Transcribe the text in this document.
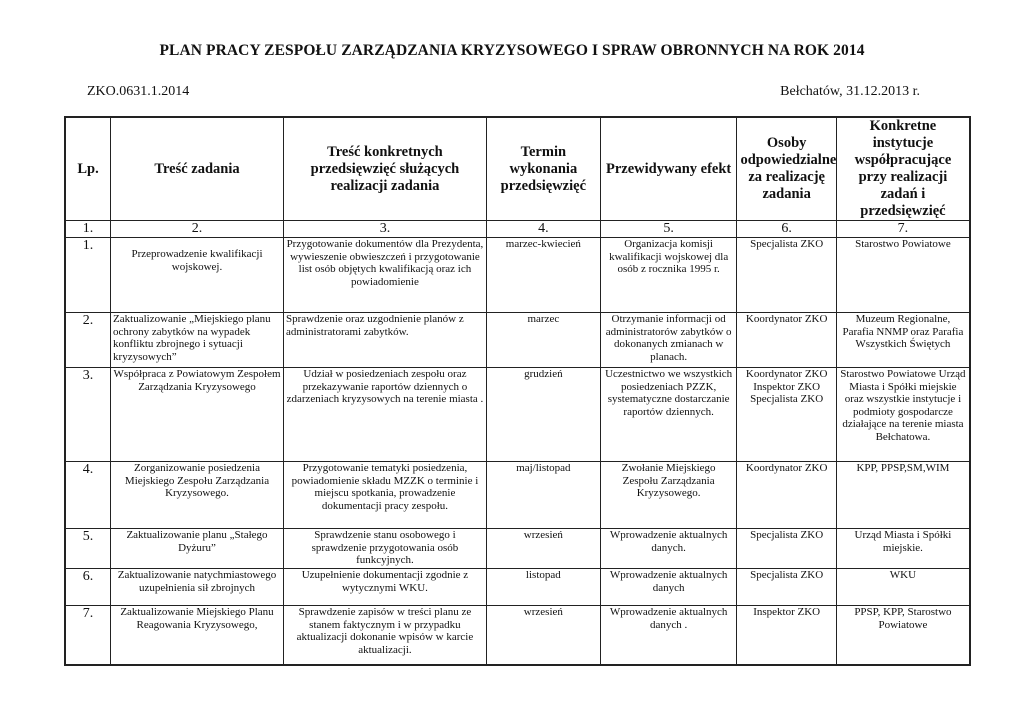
PLAN PRACY ZESPOŁU ZARZĄDZANIA KRYZYSOWEGO I SPRAW OBRONNYCH NA ROK 2014
ZKO.0631.1.2014	Bełchatów, 31.12.2013 r.
Lp.	Treść zadania	Treść konkretnych przedsięwzięć służących realizacji zadania	Termin wykonania przedsięwzięć	Przewidywany efekt	Osoby odpowiedzialne za realizację zadania	Konkretne instytucje współpracujące przy realizacji zadań i przedsięwzięć
1.	2.	3.	4.	5.	6.	7.
1.	Przeprowadzenie kwalifikacji wojskowej.	Przygotowanie dokumentów dla Prezydenta, wywieszenie obwieszczeń i przygotowanie list osób objętych kwalifikacją oraz ich powiadomienie	marzec-kwiecień	Organizacja komisji kwalifikacji wojskowej dla osób z rocznika 1995 r.	Specjalista ZKO	Starostwo Powiatowe
2.	Zaktualizowanie „Miejskiego planu ochrony zabytków na wypadek konfliktu zbrojnego i sytuacji kryzysowych”	Sprawdzenie oraz uzgodnienie planów z administratorami zabytków.	marzec	Otrzymanie informacji od administratorów zabytków o dokonanych zmianach w planach.	Koordynator ZKO	Muzeum Regionalne, Parafia NNMP oraz Parafia Wszystkich Świętych
3.	Współpraca z Powiatowym Zespołem Zarządzania Kryzysowego	Udział w posiedzeniach zespołu oraz przekazywanie raportów dziennych o zdarzeniach kryzysowych na terenie miasta .	grudzień	Uczestnictwo we wszystkich posiedzeniach PZZK, systematyczne dostarczanie raportów dziennych.	Koordynator ZKO Inspektor ZKO Specjalista ZKO	Starostwo Powiatowe Urząd Miasta i Spółki miejskie oraz wszystkie instytucje i podmioty gospodarcze działające na terenie miasta Bełchatowa.
4.	Zorganizowanie posiedzenia Miejskiego Zespołu Zarządzania Kryzysowego.	Przygotowanie tematyki posiedzenia, powiadomienie składu MZZK o terminie i miejscu spotkania, prowadzenie dokumentacji pracy zespołu.	maj/listopad	Zwołanie Miejskiego Zespołu Zarządzania Kryzysowego.	Koordynator ZKO	KPP, PPSP,SM,WIM
5.	Zaktualizowanie planu „Stałego Dyżuru”	Sprawdzenie stanu osobowego i sprawdzenie przygotowania osób funkcyjnych.	wrzesień	Wprowadzenie aktualnych danych.	Specjalista ZKO	Urząd Miasta i Spółki miejskie.
6.	Zaktualizowanie natychmiastowego uzupełnienia sił zbrojnych	Uzupełnienie dokumentacji zgodnie z wytycznymi WKU.	listopad	Wprowadzenie aktualnych danych	Specjalista ZKO	WKU
7.	Zaktualizowanie Miejskiego Planu Reagowania Kryzysowego,	Sprawdzenie zapisów w treści planu ze stanem faktycznym i w przypadku aktualizacji dokonanie wpisów w karcie aktualizacji.	wrzesień	Wprowadzenie aktualnych danych .	Inspektor ZKO	PPSP, KPP, Starostwo Powiatowe
